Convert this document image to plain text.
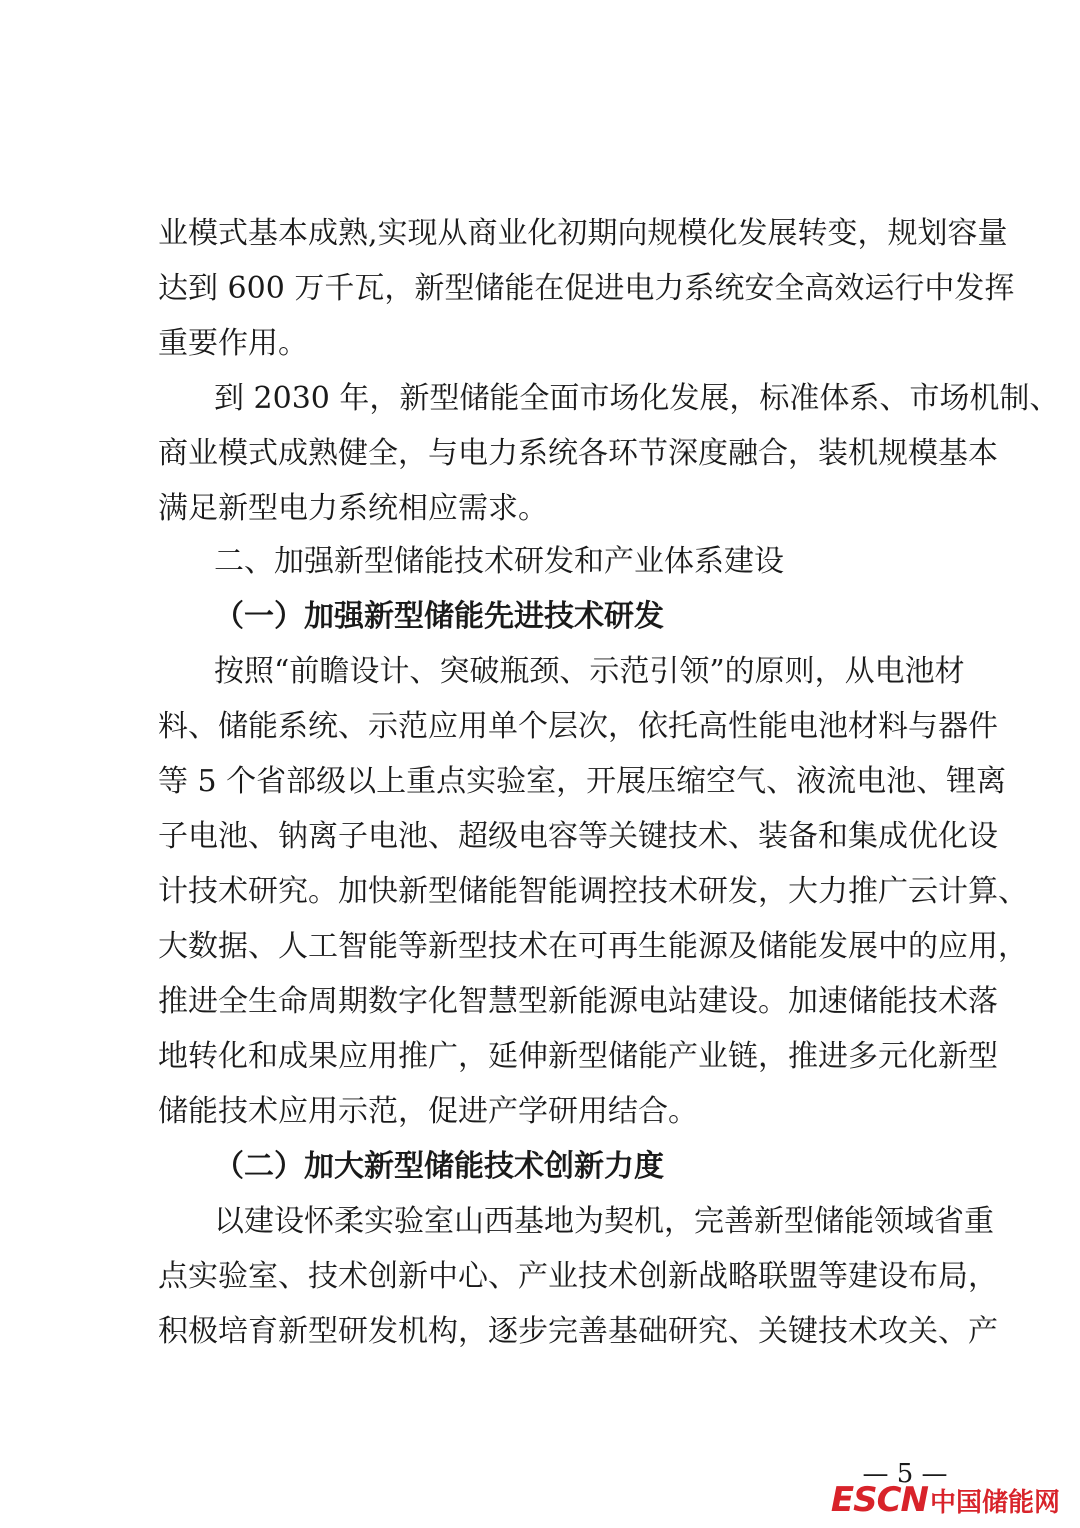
业模式基本成熟,实现从商业化初期向规模化发展转变，规划容量
达到 600 万千瓦，新型储能在促进电力系统安全高效运行中发挥
重要作用。
到 2030 年，新型储能全面市场化发展，标准体系、市场机制、
商业模式成熟健全，与电力系统各环节深度融合，装机规模基本
满足新型电力系统相应需求。
二、加强新型储能技术研发和产业体系建设
（一）加强新型储能先进技术研发
按照“前瞻设计、突破瓶颈、示范引领”的原则，从电池材
料、储能系统、示范应用单个层次，依托高性能电池材料与器件
等 5 个省部级以上重点实验室，开展压缩空气、液流电池、锂离
子电池、钠离子电池、超级电容等关键技术、装备和集成优化设
计技术研究。加快新型储能智能调控技术研发，大力推广云计算、
大数据、人工智能等新型技术在可再生能源及储能发展中的应用，
推进全生命周期数字化智慧型新能源电站建设。加速储能技术落
地转化和成果应用推广，延伸新型储能产业链，推进多元化新型
储能技术应用示范，促进产学研用结合。
（二）加大新型储能技术创新力度
以建设怀柔实验室山西基地为契机，完善新型储能领域省重
点实验室、技术创新中心、产业技术创新战略联盟等建设布局，
积极培育新型研发机构，逐步完善基础研究、关键技术攻关、产
— 5 —
ESCN中国储能网
